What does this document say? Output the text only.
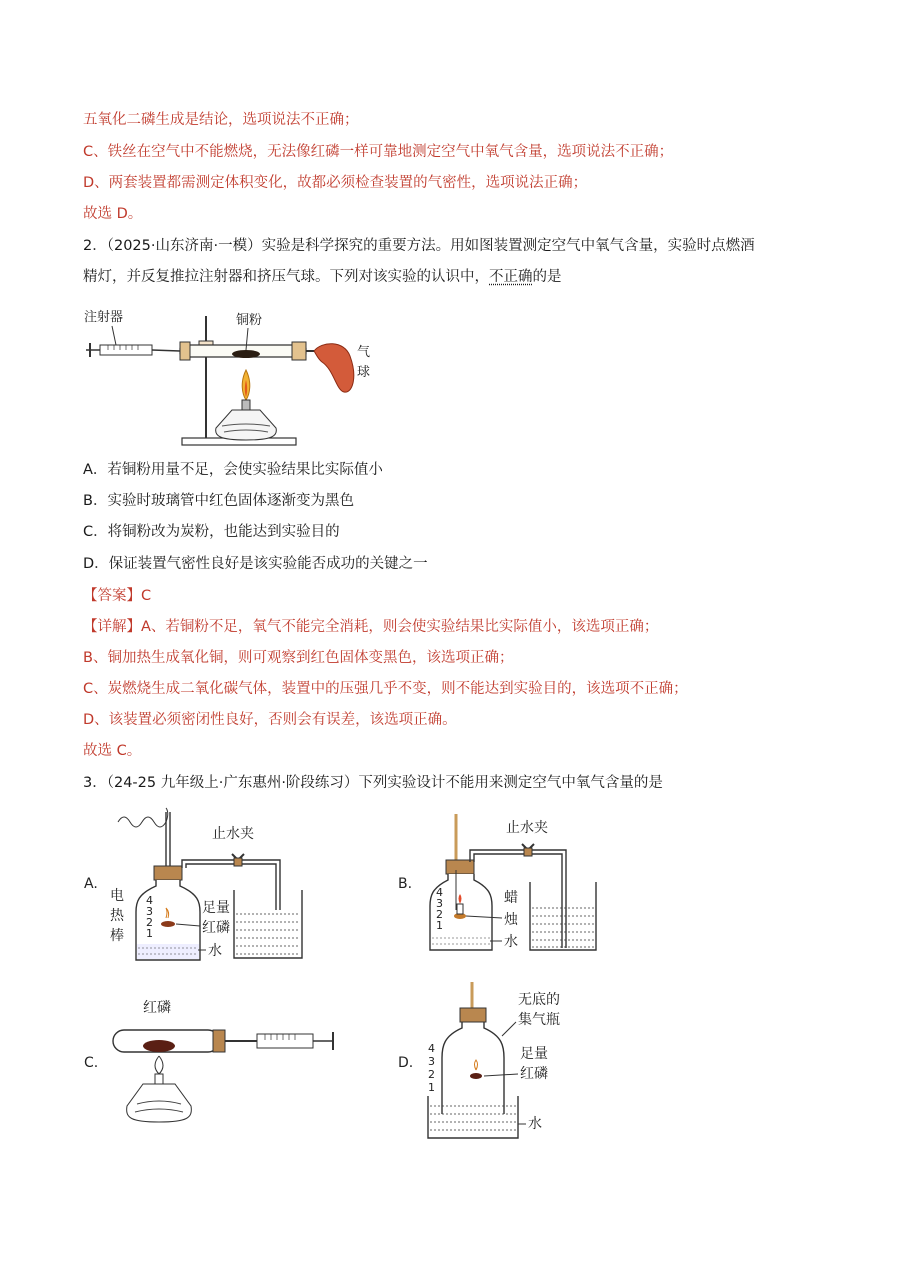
五氧化二磷生成是结论，选项说法不正确；
C、铁丝在空气中不能燃烧，无法像红磷一样可靠地测定空气中氧气含量，选项说法不正确；
D、两套装置都需测定体积变化，故都必须检查装置的气密性，选项说法正确；
故选 D。
2．（2025·山东济南·一模）实验是科学探究的重要方法。用如图装置测定空气中氧气含量，实验时点燃酒
精灯，并反复推拉注射器和挤压气球。下列对该实验的认识中，不正确的是
注射器	铜粉
气
球
A．若铜粉用量不足，会使实验结果比实际值小
B．实验时玻璃管中红色固体逐渐变为黑色
C．将铜粉改为炭粉，也能达到实验目的
D．保证装置气密性良好是该实验能否成功的关键之一
【答案】C
【详解】A、若铜粉不足，氧气不能完全消耗，则会使实验结果比实际值小，该选项正确；
B、铜加热生成氧化铜，则可观察到红色固体变黑色，该选项正确；
C、炭燃烧生成二氧化碳气体，装置中的压强几乎不变，则不能达到实验目的，该选项不正确；
D、该装置必须密闭性良好，否则会有误差，该选项正确。
故选 C。
3．（24-25 九年级上·广东惠州·阶段练习）下列实验设计不能用来测定空气中氧气含量的是
A.
4
3
2
1
止水夹
电
热
棒
足量
红磷
水
B.
4
3
2
1
止水夹
蜡
烛
水
C.
红磷
D.
4
3
2
1
无底的
集气瓶
足量
红磷
水
